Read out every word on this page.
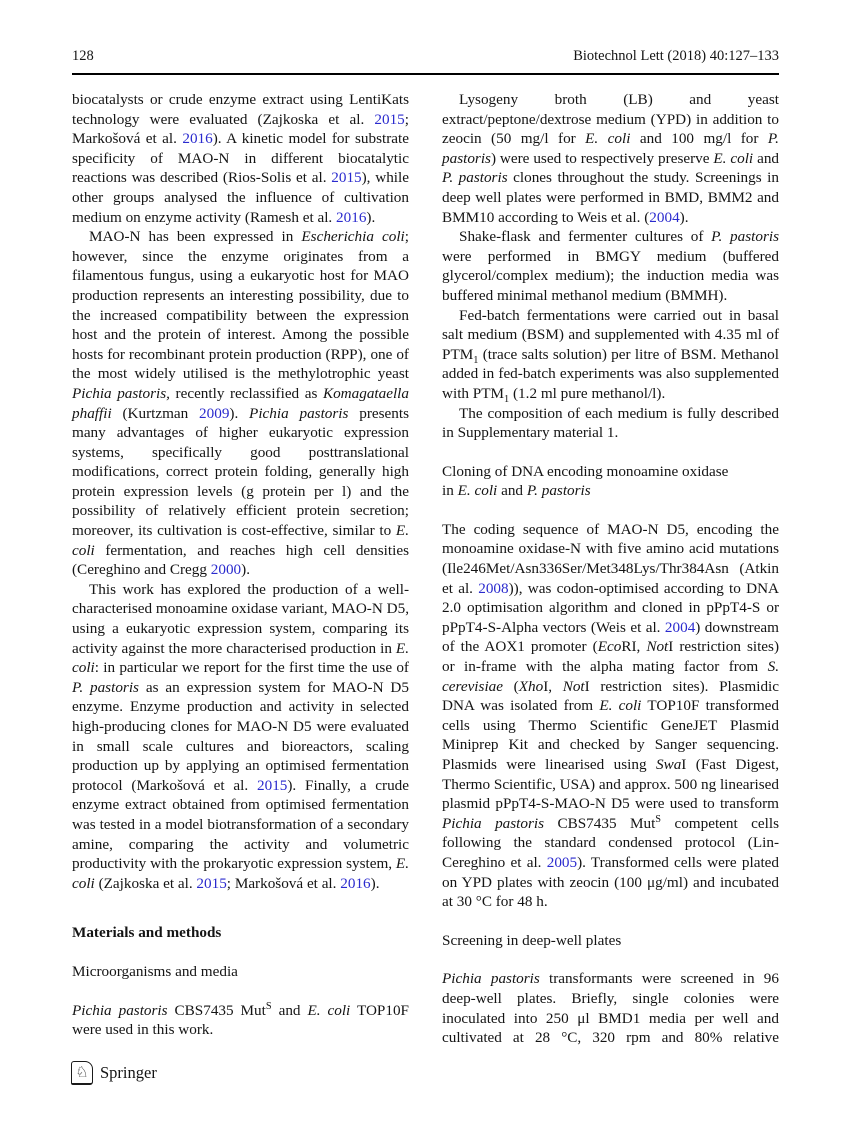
128	Biotechnol Lett (2018) 40:127–133
biocatalysts or crude enzyme extract using LentiKats technology were evaluated (Zajkoska et al. 2015; Markošová et al. 2016). A kinetic model for substrate specificity of MAO-N in different biocatalytic reactions was described (Rios-Solis et al. 2015), while other groups analysed the influence of cultivation medium on enzyme activity (Ramesh et al. 2016).
MAO-N has been expressed in Escherichia coli; however, since the enzyme originates from a filamentous fungus, using a eukaryotic host for MAO production represents an interesting possibility, due to the increased compatibility between the expression host and the protein of interest. Among the possible hosts for recombinant protein production (RPP), one of the most widely utilised is the methylotrophic yeast Pichia pastoris, recently reclassified as Komagataella phaffii (Kurtzman 2009). Pichia pastoris presents many advantages of higher eukaryotic expression systems, specifically good posttranslational modifications, correct protein folding, generally high protein expression levels (g protein per l) and the possibility of relatively efficient protein secretion; moreover, its cultivation is cost-effective, similar to E. coli fermentation, and reaches high cell densities (Cereghino and Cregg 2000).
This work has explored the production of a well-characterised monoamine oxidase variant, MAO-N D5, using a eukaryotic expression system, comparing its activity against the more characterised production in E. coli: in particular we report for the first time the use of P. pastoris as an expression system for MAO-N D5 enzyme. Enzyme production and activity in selected high-producing clones for MAO-N D5 were evaluated in small scale cultures and bioreactors, scaling production up by applying an optimised fermentation protocol (Markošová et al. 2015). Finally, a crude enzyme extract obtained from optimised fermentation was tested in a model biotransformation of a secondary amine, comparing the activity and volumetric productivity with the prokaryotic expression system, E. coli (Zajkoska et al. 2015; Markošová et al. 2016).
Materials and methods
Microorganisms and media
Pichia pastoris CBS7435 Mut$^S$ and E. coli TOP10F were used in this work.
Lysogeny broth (LB) and yeast extract/peptone/dextrose medium (YPD) in addition to zeocin (50 mg/l for E. coli and 100 mg/l for P. pastoris) were used to respectively preserve E. coli and P. pastoris clones throughout the study. Screenings in deep well plates were performed in BMD, BMM2 and BMM10 according to Weis et al. (2004).
Shake-flask and fermenter cultures of P. pastoris were performed in BMGY medium (buffered glycerol/complex medium); the induction media was buffered minimal methanol medium (BMMH).
Fed-batch fermentations were carried out in basal salt medium (BSM) and supplemented with 4.35 ml of $PTM_1$ (trace salts solution) per litre of BSM. Methanol added in fed-batch experiments was also supplemented with $PTM_1$ (1.2 ml pure methanol/l).
The composition of each medium is fully described in Supplementary material 1.
Cloning of DNA encoding monoamine oxidase
in E. coli and P. pastoris
The coding sequence of MAO-N D5, encoding the monoamine oxidase-N with five amino acid mutations (Ile246Met/Asn336Ser/Met348Lys/Thr384Asn (Atkin et al. 2008)), was codon-optimised according to DNA 2.0 optimisation algorithm and cloned in pPpT4-S or pPpT4-S-Alpha vectors (Weis et al. 2004) downstream of the AOX1 promoter (EcoRI, NotI restriction sites) or in-frame with the alpha mating factor from S. cerevisiae (XhoI, NotI restriction sites). Plasmidic DNA was isolated from E. coli TOP10F transformed cells using Thermo Scientific GeneJET Plasmid Miniprep Kit and checked by Sanger sequencing. Plasmids were linearised using SwaI (Fast Digest, Thermo Scientific, USA) and approx. 500 ng linearised plasmid pPpT4-S-MAO-N D5 were used to transform Pichia pastoris CBS7435 Mut$^S$ competent cells following the standard condensed protocol (Lin-Cereghino et al. 2005). Transformed cells were plated on YPD plates with zeocin (100 μg/ml) and incubated at 30 °C for 48 h.
Screening in deep-well plates
Pichia pastoris transformants were screened in 96 deep-well plates. Briefly, single colonies were inoculated into 250 μl BMD1 media per well and cultivated at 28 °C, 320 rpm and 80% relative
♘ Springer
